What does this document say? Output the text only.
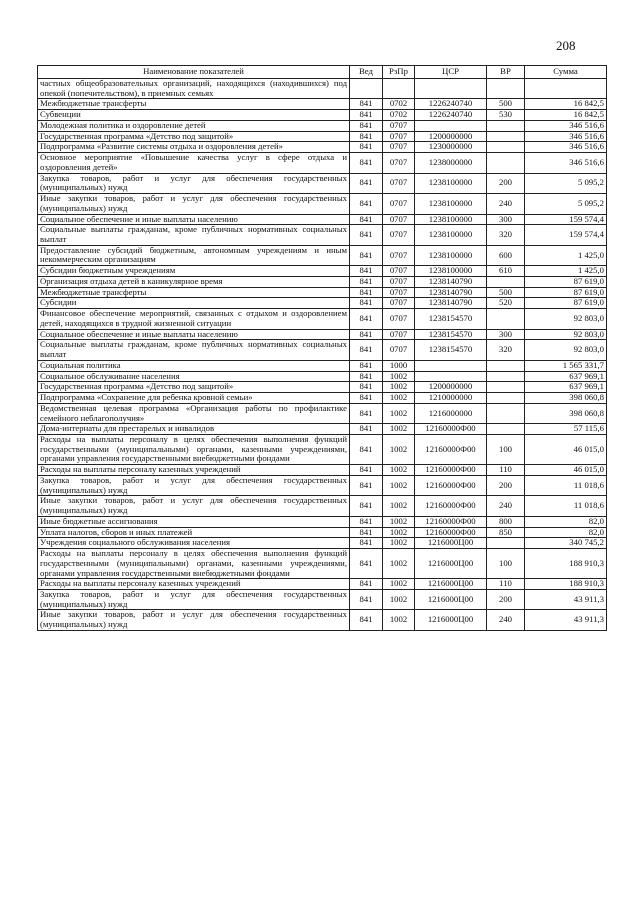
208
Наименование показателей	Вед	РзПр	ЦСР	ВР	Сумма
частных общеобразовательных организаций, находящихся (находившихся) под опекой (попечительством), в приемных семьях					
Межбюджетные трансферты	841	0702	1226240740	500	16 842,5
Субвенции	841	0702	1226240740	530	16 842,5
Молодежная политика и оздоровление детей	841	0707			346 516,6
Государственная программа «Детство под защитой»	841	0707	1200000000		346 516,6
Подпрограмма «Развитие системы отдыха и оздоровления детей»	841	0707	1230000000		346 516,6
Основное мероприятие «Повышение качества услуг в сфере отдыха и оздоровления детей»	841	0707	1238000000		346 516,6
Закупка товаров, работ и услуг для обеспечения государственных (муниципальных) нужд	841	0707	1238100000	200	5 095,2
Иные закупки товаров, работ и услуг для обеспечения государственных (муниципальных) нужд	841	0707	1238100000	240	5 095,2
Социальное обеспечение и иные выплаты населению	841	0707	1238100000	300	159 574,4
Социальные выплаты гражданам, кроме публичных нормативных социальных выплат	841	0707	1238100000	320	159 574,4
Предоставление субсидий бюджетным, автономным учреждениям и иным некоммерческим организациям	841	0707	1238100000	600	1 425,0
Субсидии бюджетным учреждениям	841	0707	1238100000	610	1 425,0
Организация отдыха детей в каникулярное время	841	0707	1238140790		87 619,0
Межбюджетные трансферты	841	0707	1238140790	500	87 619,0
Субсидии	841	0707	1238140790	520	87 619,0
Финансовое обеспечение мероприятий, связанных с отдыхом и оздоровлением детей, находящихся в трудной жизненной ситуации	841	0707	1238154570		92 803,0
Социальное обеспечение и иные выплаты населению	841	0707	1238154570	300	92 803,0
Социальные выплаты гражданам, кроме публичных нормативных социальных выплат	841	0707	1238154570	320	92 803,0
Социальная политика	841	1000			1 565 331,7
Социальное обслуживание населения	841	1002			637 969,1
Государственная программа «Детство под защитой»	841	1002	1200000000		637 969,1
Подпрограмма «Сохранение для ребенка кровной семьи»	841	1002	1210000000		398 060,8
Ведомственная целевая программа «Организация работы по профилактике семейного неблагополучия»	841	1002	1216000000		398 060,8
Дома-интернаты для престарелых и инвалидов	841	1002	12160000Ф00		57 115,6
Расходы на выплаты персоналу в целях обеспечения выполнения функций государственными (муниципальными) органами, казенными учреждениями, органами управления государственными внебюджетными фондами	841	1002	12160000Ф00	100	46 015,0
Расходы на выплаты персоналу казенных учреждений	841	1002	12160000Ф00	110	46 015,0
Закупка товаров, работ и услуг для обеспечения государственных (муниципальных) нужд	841	1002	12160000Ф00	200	11 018,6
Иные закупки товаров, работ и услуг для обеспечения государственных (муниципальных) нужд	841	1002	12160000Ф00	240	11 018,6
Иные бюджетные ассигнования	841	1002	12160000Ф00	800	82,0
Уплата налогов, сборов и иных платежей	841	1002	12160000Ф00	850	82,0
Учреждения социального обслуживания населения	841	1002	1216000Ц00		340 745,2
Расходы на выплаты персоналу в целях обеспечения выполнения функций государственными (муниципальными) органами, казенными учреждениями, органами управления государственными внебюджетными фондами	841	1002	1216000Ц00	100	188 910,3
Расходы на выплаты персоналу казенных учреждений	841	1002	1216000Ц00	110	188 910,3
Закупка товаров, работ и услуг для обеспечения государственных (муниципальных) нужд	841	1002	1216000Ц00	200	43 911,3
Иные закупки товаров, работ и услуг для обеспечения государственных (муниципальных) нужд	841	1002	1216000Ц00	240	43 911,3
